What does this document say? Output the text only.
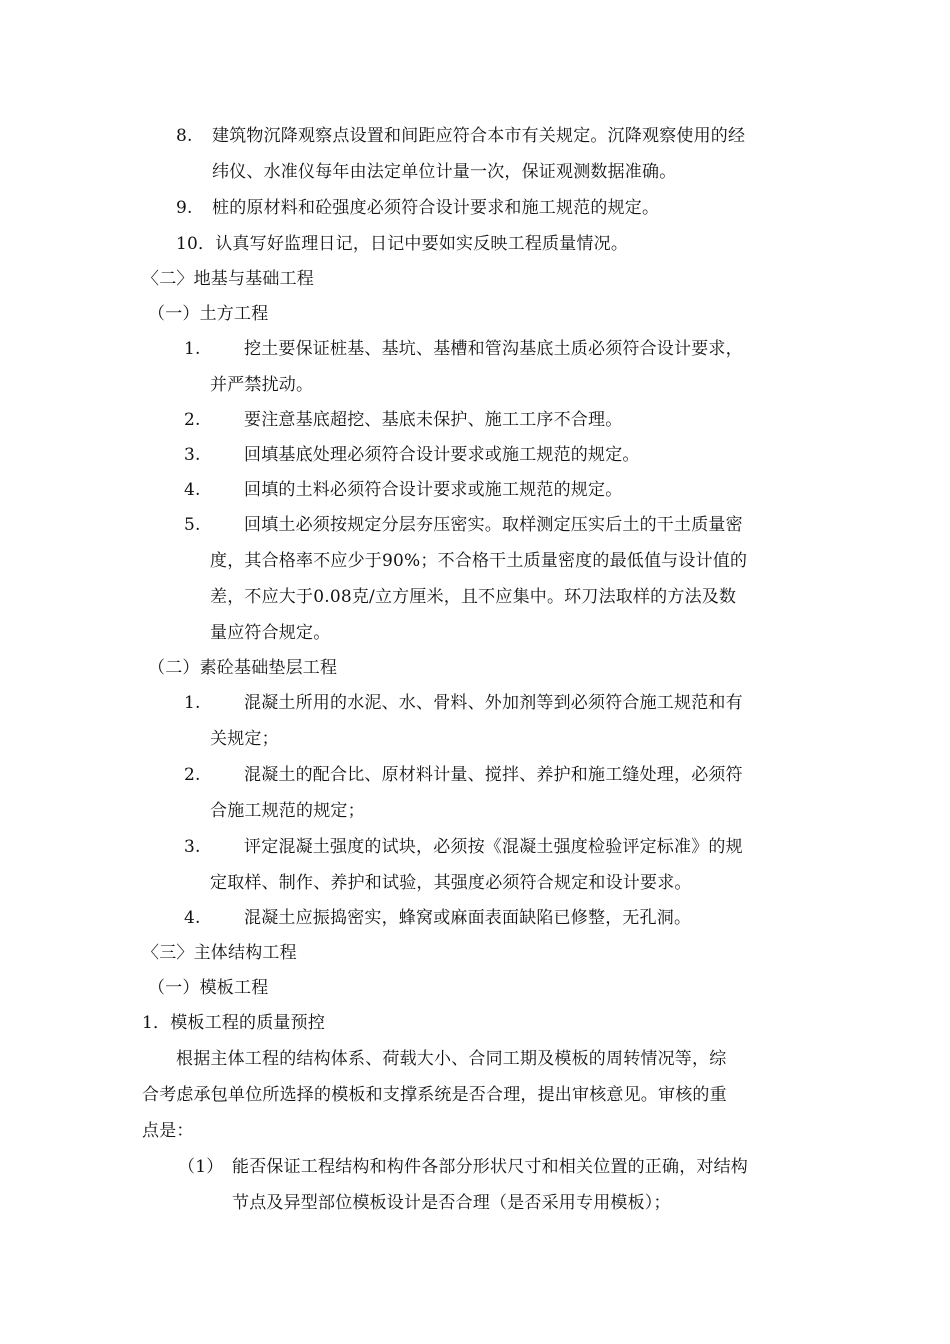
8. 建筑物沉降观察点设置和间距应符合本市有关规定。沉降观察使用的经
纬仪、水准仪每年由法定单位计量一次，保证观测数据准确。
9. 桩的原材料和砼强度必须符合设计要求和施工规范的规定。
10．认真写好监理日记，日记中要如实反映工程质量情况。
〈二〉地基与基础工程
（一）土方工程
1.	挖土要保证桩基、基坑、基槽和管沟基底土质必须符合设计要求，
并严禁扰动。
2.	要注意基底超挖、基底未保护、施工工序不合理。
3.	回填基底处理必须符合设计要求或施工规范的规定。
4.	回填的土料必须符合设计要求或施工规范的规定。
5.	回填土必须按规定分层夯压密实。取样测定压实后土的干土质量密
度，其合格率不应少于90%；不合格干土质量密度的最低值与设计值的
差，不应大于0.08克/立方厘米，且不应集中。环刀法取样的方法及数
量应符合规定。
（二）素砼基础垫层工程
1.	混凝土所用的水泥、水、骨料、外加剂等到必须符合施工规范和有
关规定；
2.	混凝土的配合比、原材料计量、搅拌、养护和施工缝处理，必须符
合施工规范的规定；
3.	评定混凝土强度的试块，必须按《混凝土强度检验评定标准》的规
定取样、制作、养护和试验，其强度必须符合规定和设计要求。
4.	混凝土应振捣密实，蜂窝或麻面表面缺陷已修整，无孔洞。
〈三〉主体结构工程
（一）模板工程
1．模板工程的质量预控
根据主体工程的结构体系、荷载大小、合同工期及模板的周转情况等，综
合考虑承包单位所选择的模板和支撑系统是否合理，提出审核意见。审核的重
点是：
（1） 能否保证工程结构和构件各部分形状尺寸和相关位置的正确，对结构
节点及异型部位模板设计是否合理（是否采用专用模板）；
